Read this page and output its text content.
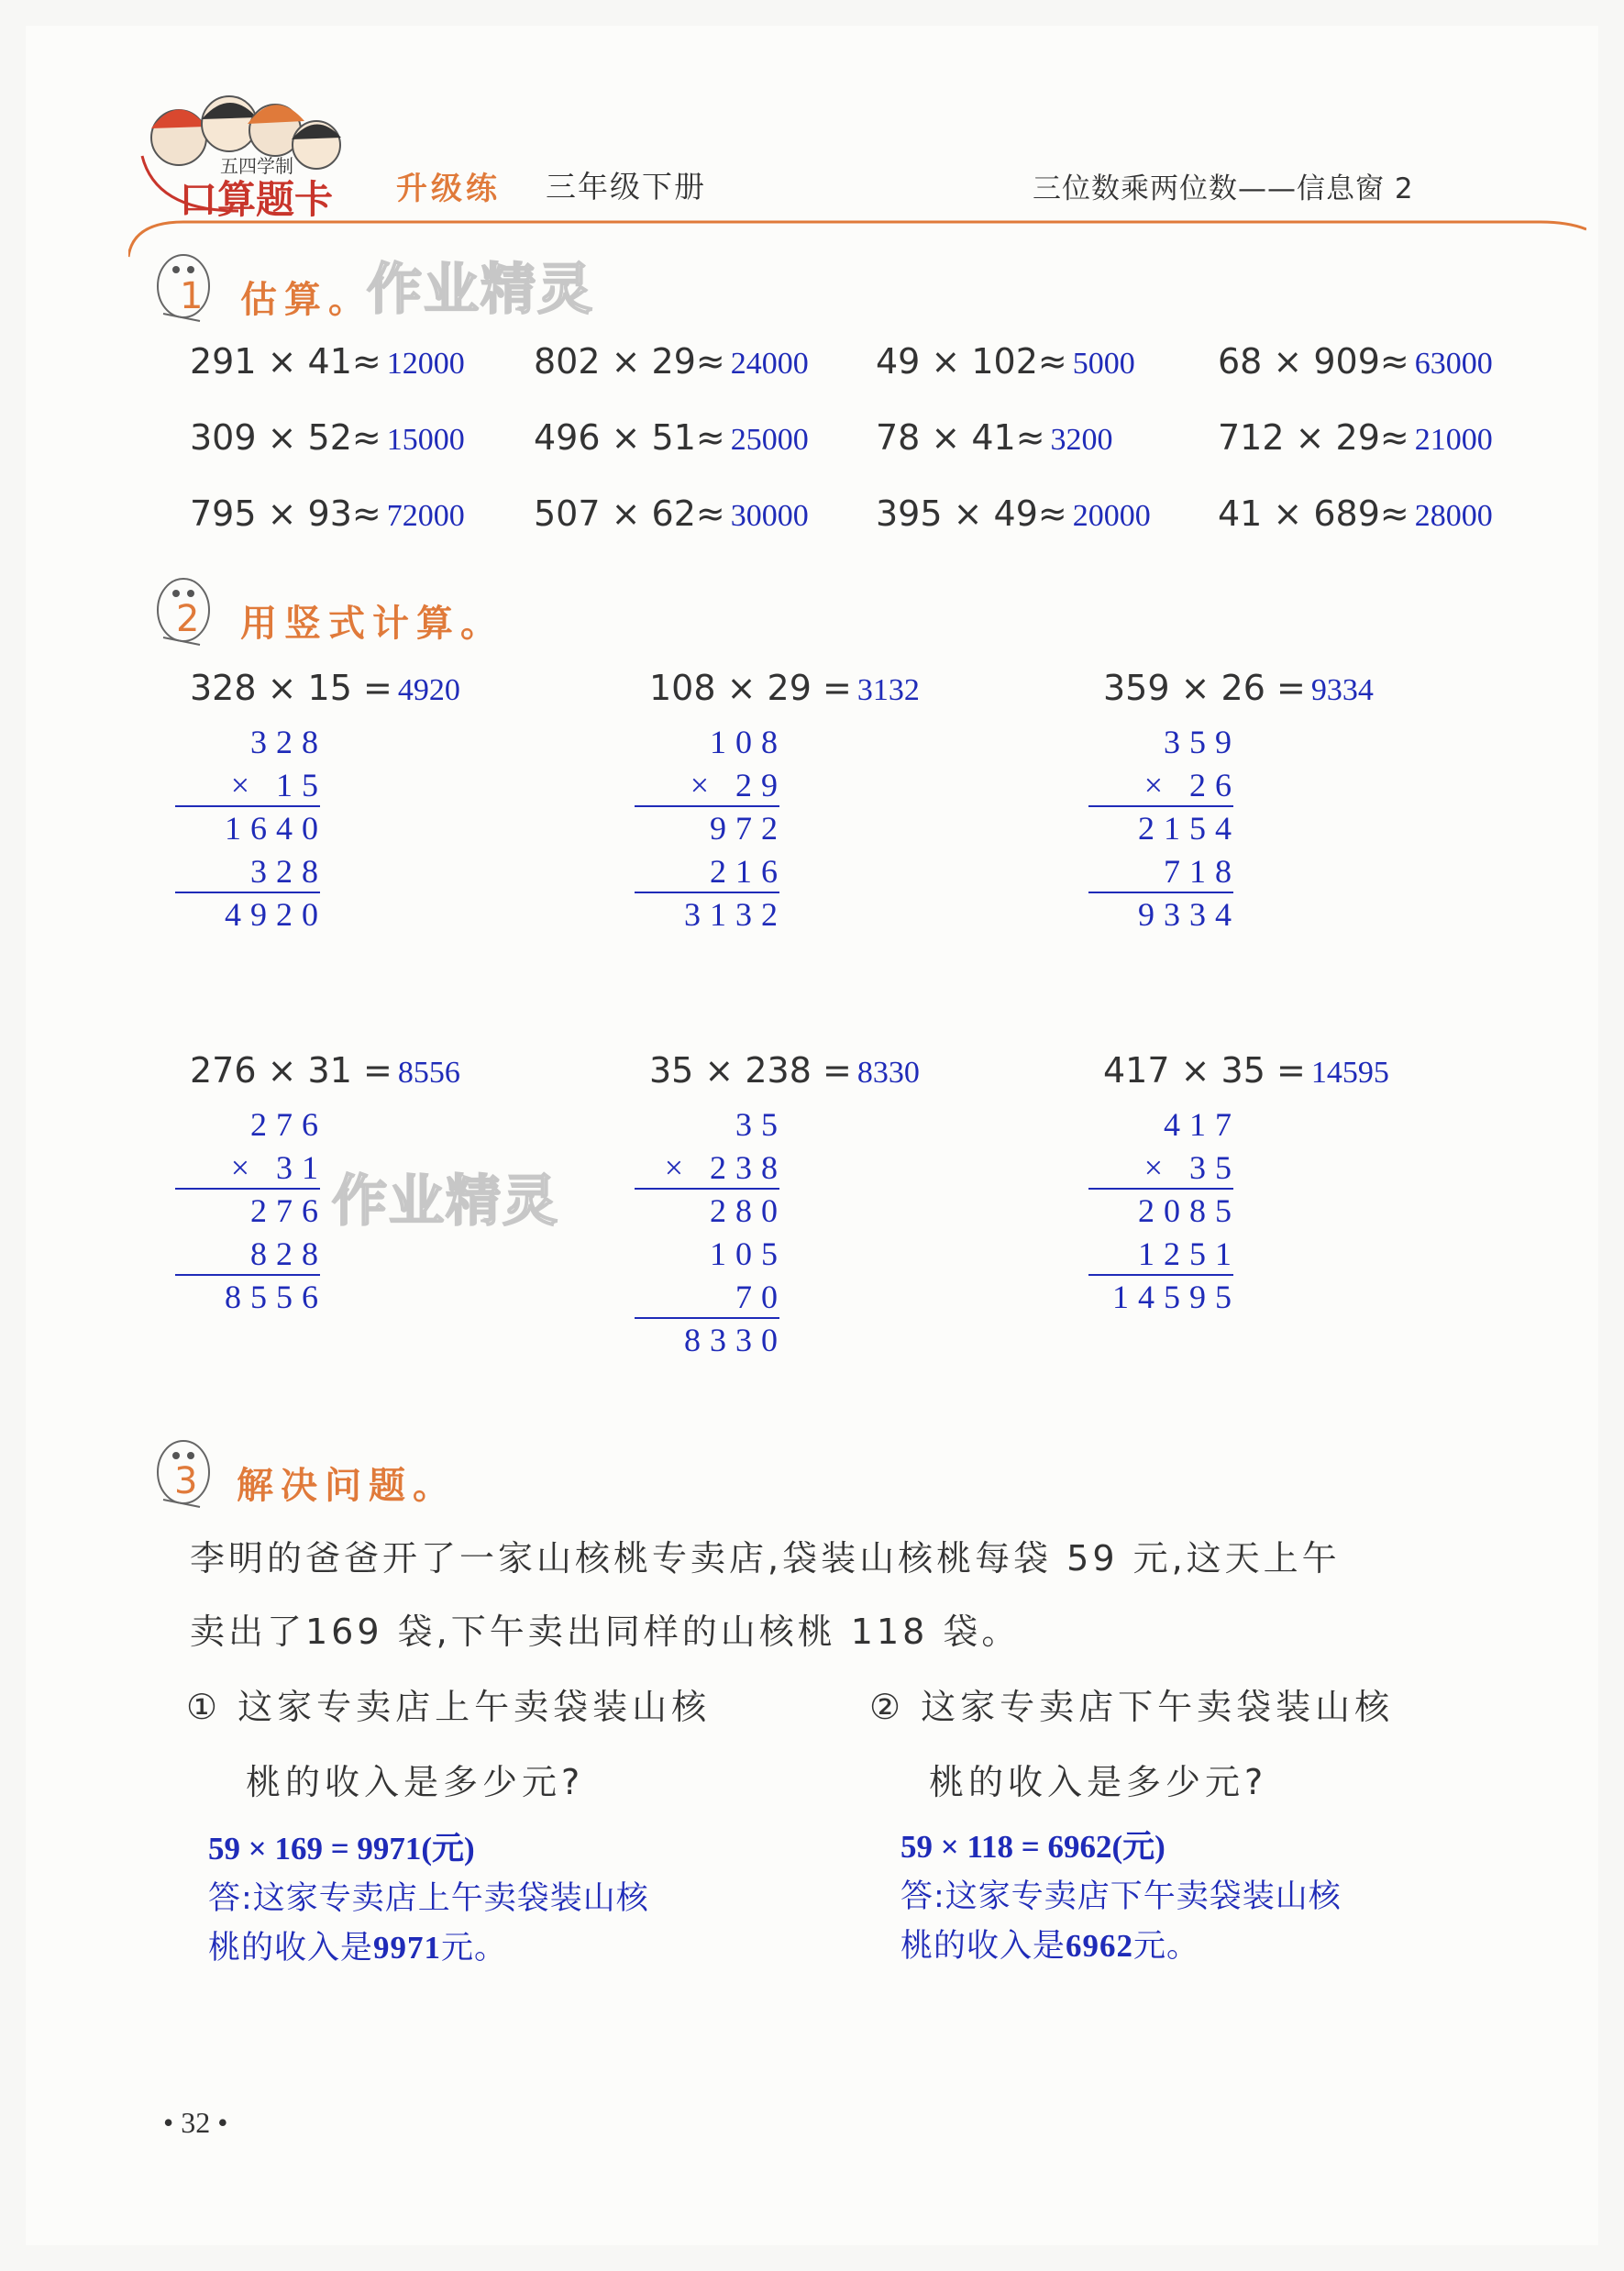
五四学制
口算题卡 升级练 三年级下册	三位数乘两位数——信息窗 2
1 估算。
作业精灵
291 × 41≈ 12000 802 × 29≈ 24000 49 × 102≈ 5000 68 × 909≈ 63000
309 × 52≈ 15000 496 × 51≈ 25000 78 × 41≈ 3200	712 × 29≈ 21000
795 × 93≈ 72000 507 × 62≈ 30000 395 × 49≈ 20000 41 × 689≈ 28000
2 用竖式计算。
作业精灵
328 × 15 = 4920
328
× 15
1640
328
4920
108 × 29 = 3132
108
× 29
972
216
3132
359 × 26 = 9334
359
× 26
2154
718
9334
276 × 31 = 8556
276
× 31
276
828
8556
35 × 238 = 8330
35
× 238
280
105
70
8330
417 × 35 = 14595
417
× 35
2085
1251
14595
3 解决问题。
李明的爸爸开了一家山核桃专卖店,袋装山核桃每袋 59 元,这天上午
卖出了169 袋,下午卖出同样的山核桃 118 袋。
① 这家专卖店上午卖袋装山核
桃的收入是多少元?
② 这家专卖店下午卖袋装山核
桃的收入是多少元?
59 × 169 = 9971(元)
答:这家专卖店上午卖袋装山核
桃的收入是9971元。
59 × 118 = 6962(元)
答:这家专卖店下午卖袋装山核
桃的收入是6962元。
• 32 •
